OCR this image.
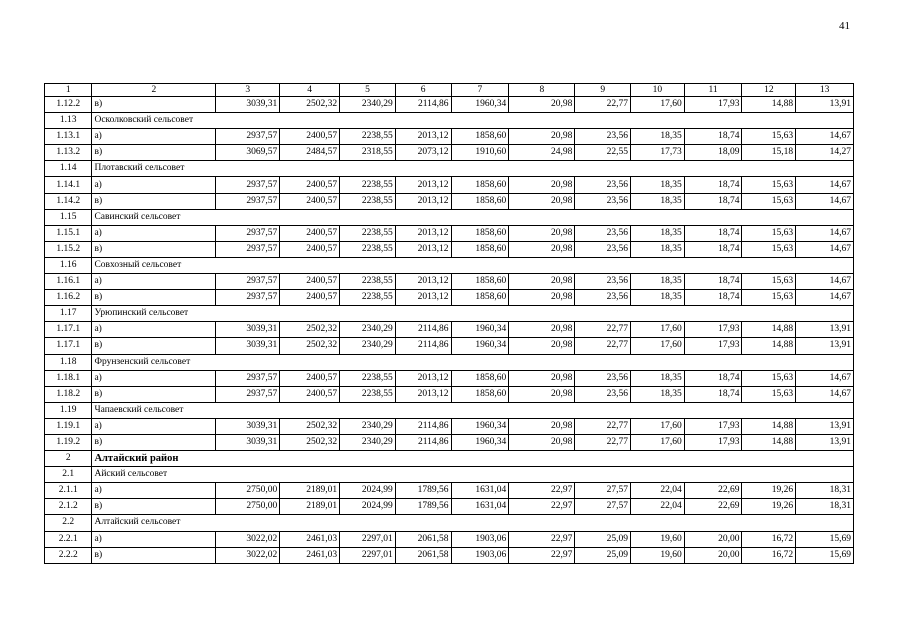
41
1	2	3	4	5	6	7	8	9	10	11	12	13
1.12.2	в)	3039,31	2502,32	2340,29	2114,86	1960,34	20,98	22,77	17,60	17,93	14,88	13,91
1.13	Осколковский сельсовет											
1.13.1	а)	2937,57	2400,57	2238,55	2013,12	1858,60	20,98	23,56	18,35	18,74	15,63	14,67
1.13.2	в)	3069,57	2484,57	2318,55	2073,12	1910,60	24,98	22,55	17,73	18,09	15,18	14,27
1.14	Плотавский сельсовет											
1.14.1	а)	2937,57	2400,57	2238,55	2013,12	1858,60	20,98	23,56	18,35	18,74	15,63	14,67
1.14.2	в)	2937,57	2400,57	2238,55	2013,12	1858,60	20,98	23,56	18,35	18,74	15,63	14,67
1.15	Савинский сельсовет											
1.15.1	а)	2937,57	2400,57	2238,55	2013,12	1858,60	20,98	23,56	18,35	18,74	15,63	14,67
1.15.2	в)	2937,57	2400,57	2238,55	2013,12	1858,60	20,98	23,56	18,35	18,74	15,63	14,67
1.16	Совхозный сельсовет											
1.16.1	а)	2937,57	2400,57	2238,55	2013,12	1858,60	20,98	23,56	18,35	18,74	15,63	14,67
1.16.2	в)	2937,57	2400,57	2238,55	2013,12	1858,60	20,98	23,56	18,35	18,74	15,63	14,67
1.17	Урюпинский сельсовет											
1.17.1	а)	3039,31	2502,32	2340,29	2114,86	1960,34	20,98	22,77	17,60	17,93	14,88	13,91
1.17.1	в)	3039,31	2502,32	2340,29	2114,86	1960,34	20,98	22,77	17,60	17,93	14,88	13,91
1.18	Фрунзенский сельсовет											
1.18.1	а)	2937,57	2400,57	2238,55	2013,12	1858,60	20,98	23,56	18,35	18,74	15,63	14,67
1.18.2	в)	2937,57	2400,57	2238,55	2013,12	1858,60	20,98	23,56	18,35	18,74	15,63	14,67
1.19	Чапаевский сельсовет											
1.19.1	а)	3039,31	2502,32	2340,29	2114,86	1960,34	20,98	22,77	17,60	17,93	14,88	13,91
1.19.2	в)	3039,31	2502,32	2340,29	2114,86	1960,34	20,98	22,77	17,60	17,93	14,88	13,91
2	Алтайский район											
2.1	Айский сельсовет											
2.1.1	а)	2750,00	2189,01	2024,99	1789,56	1631,04	22,97	27,57	22,04	22,69	19,26	18,31
2.1.2	в)	2750,00	2189,01	2024,99	1789,56	1631,04	22,97	27,57	22,04	22,69	19,26	18,31
2.2	Алтайский сельсовет											
2.2.1	а)	3022,02	2461,03	2297,01	2061,58	1903,06	22,97	25,09	19,60	20,00	16,72	15,69
2.2.2	в)	3022,02	2461,03	2297,01	2061,58	1903,06	22,97	25,09	19,60	20,00	16,72	15,69
